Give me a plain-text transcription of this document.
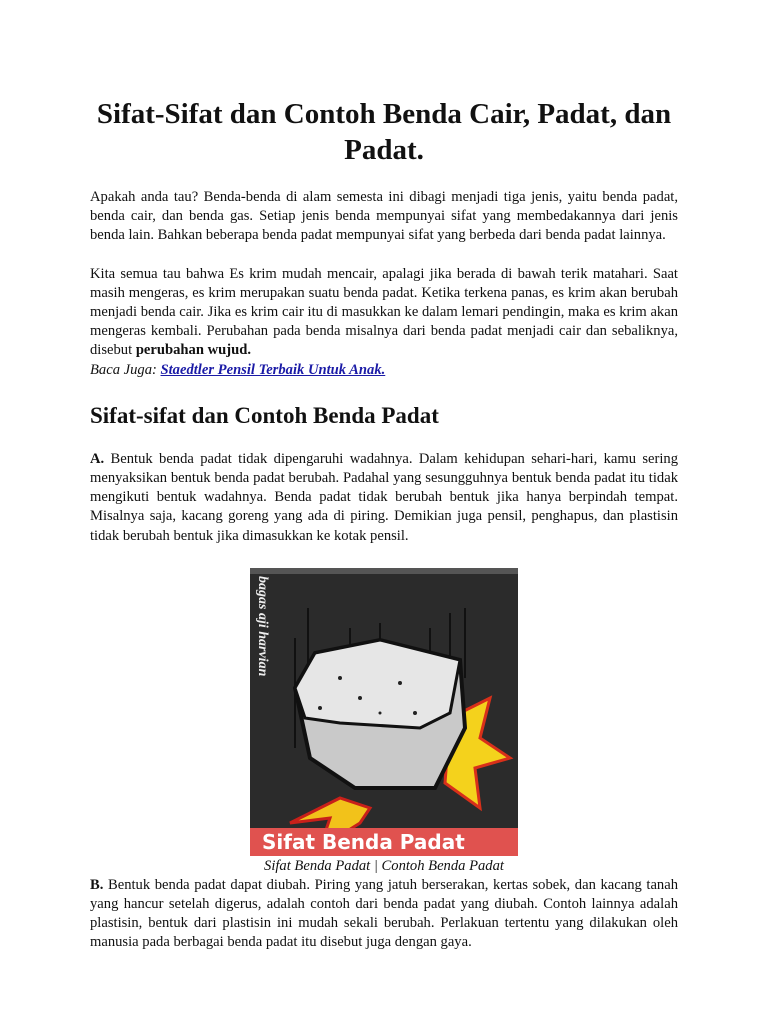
Sifat-Sifat dan Contoh Benda Cair, Padat, dan Padat.

Apakah anda tau? Benda-benda di alam semesta ini dibagi menjadi tiga jenis, yaitu benda padat, benda cair, dan benda gas. Setiap jenis benda mempunyai sifat yang membedakannya dari jenis benda lain. Bahkan beberapa benda padat mempunyai sifat yang berbeda dari benda padat lainnya.

Kita semua tau bahwa Es krim mudah mencair, apalagi jika berada di bawah terik matahari. Saat masih mengeras, es krim merupakan suatu benda padat. Ketika terkena panas, es krim akan berubah menjadi benda cair. Jika es krim cair itu di masukkan ke dalam lemari pendingin, maka es krim akan mengeras kembali. Perubahan pada benda misalnya dari benda padat menjadi cair dan sebaliknya, disebut perubahan wujud.

Baca Juga: Staedtler Pensil Terbaik Untuk Anak.

Sifat-sifat dan Contoh Benda Padat

A. Bentuk benda padat tidak dipengaruhi wadahnya. Dalam kehidupan sehari-hari, kamu sering menyaksikan bentuk benda padat berubah. Padahal yang sesungguhnya bentuk benda padat itu tidak mengikuti bentuk wadahnya. Benda padat tidak berubah bentuk jika hanya berpindah tempat. Misalnya saja, kacang goreng yang ada di piring. Demikian juga pensil, penghapus, dan plastisin tidak berubah bentuk jika dimasukkan ke kotak pensil.

bagas aji harvian
Sifat Benda Padat
Sifat Benda Padat | Contoh Benda Padat

B. Bentuk benda padat dapat diubah. Piring yang jatuh berserakan, kertas sobek, dan kacang tanah yang hancur setelah digerus, adalah contoh dari benda padat yang diubah. Contoh lainnya adalah plastisin, bentuk dari plastisin ini mudah sekali berubah. Perlakuan tertentu yang dilakukan oleh manusia pada berbagai benda padat itu disebut juga dengan gaya.
